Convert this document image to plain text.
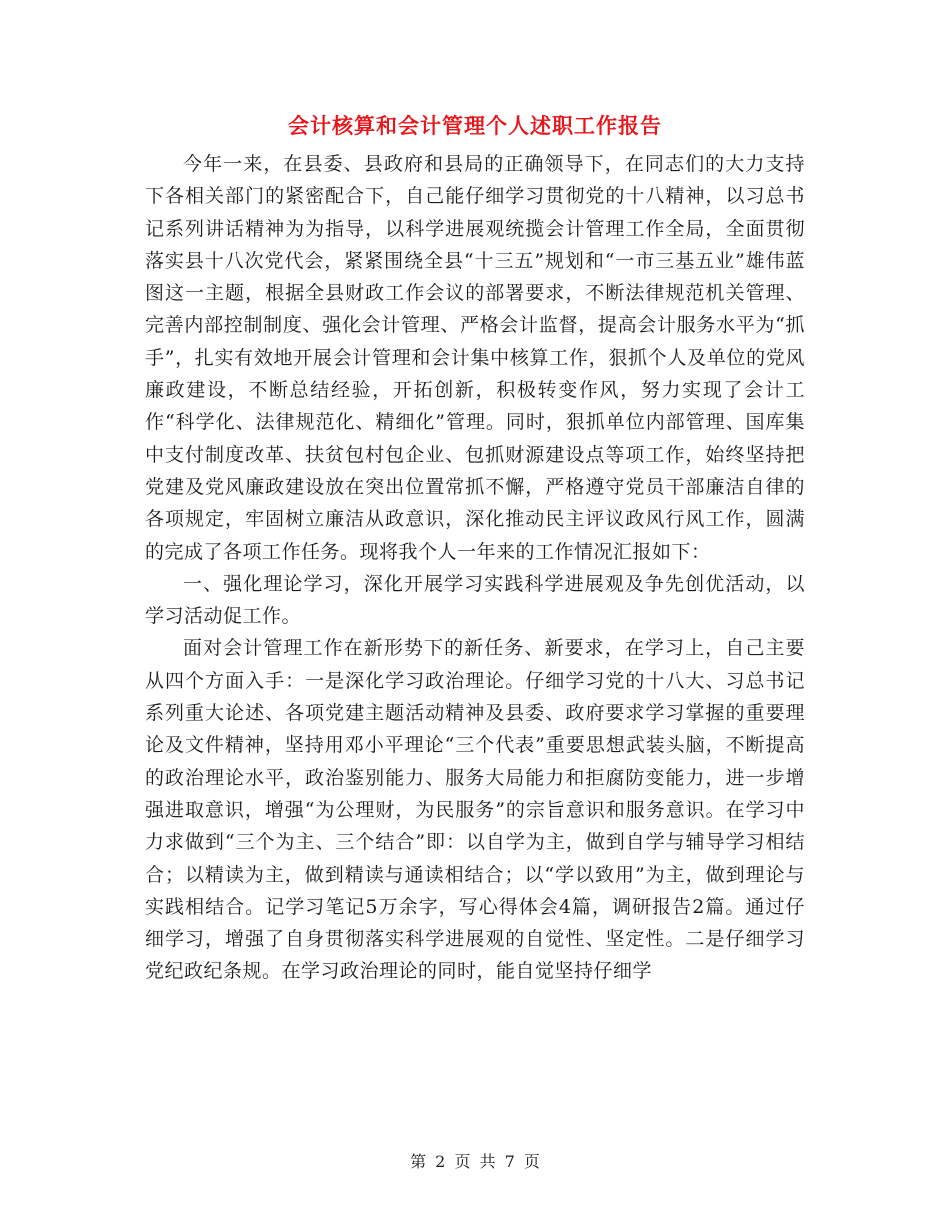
会计核算和会计管理个人述职工作报告

今年一来，在县委、县政府和县局的正确领导下，在同志们的大力支持下各相关部门的紧密配合下，自己能仔细学习贯彻党的十八精神，以习总书记系列讲话精神为为指导，以科学进展观统揽会计管理工作全局，全面贯彻落实县十八次党代会，紧紧围绕全县“十三五”规划和“一市三基五业”雄伟蓝图这一主题，根据全县财政工作会议的部署要求，不断法律规范机关管理、完善内部控制制度、强化会计管理、严格会计监督，提高会计服务水平为“抓手”，扎实有效地开展会计管理和会计集中核算工作，狠抓个人及单位的党风廉政建设，不断总结经验，开拓创新，积极转变作风，努力实现了会计工作“科学化、法律规范化、精细化”管理。同时，狠抓单位内部管理、国库集中支付制度改革、扶贫包村包企业、包抓财源建设点等项工作，始终坚持把党建及党风廉政建设放在突出位置常抓不懈，严格遵守党员干部廉洁自律的各项规定，牢固树立廉洁从政意识，深化推动民主评议政风行风工作，圆满的完成了各项工作任务。现将我个人一年来的工作情况汇报如下：

一、强化理论学习，深化开展学习实践科学进展观及争先创优活动，以学习活动促工作。

面对会计管理工作在新形势下的新任务、新要求，在学习上，自己主要从四个方面入手：一是深化学习政治理论。仔细学习党的十八大、习总书记系列重大论述、各项党建主题活动精神及县委、政府要求学习掌握的重要理论及文件精神，坚持用邓小平理论“三个代表”重要思想武装头脑，不断提高的政治理论水平，政治鉴别能力、服务大局能力和拒腐防变能力，进一步增强进取意识，增强“为公理财，为民服务”的宗旨意识和服务意识。在学习中力求做到“三个为主、三个结合”即：以自学为主，做到自学与辅导学习相结合；以精读为主，做到精读与通读相结合；以“学以致用”为主，做到理论与实践相结合。记学习笔记5万余字，写心得体会4篇，调研报告2篇。通过仔细学习，增强了自身贯彻落实科学进展观的自觉性、坚定性。二是仔细学习党纪政纪条规。在学习政治理论的同时，能自觉坚持仔细学

第 2 页 共 7 页
